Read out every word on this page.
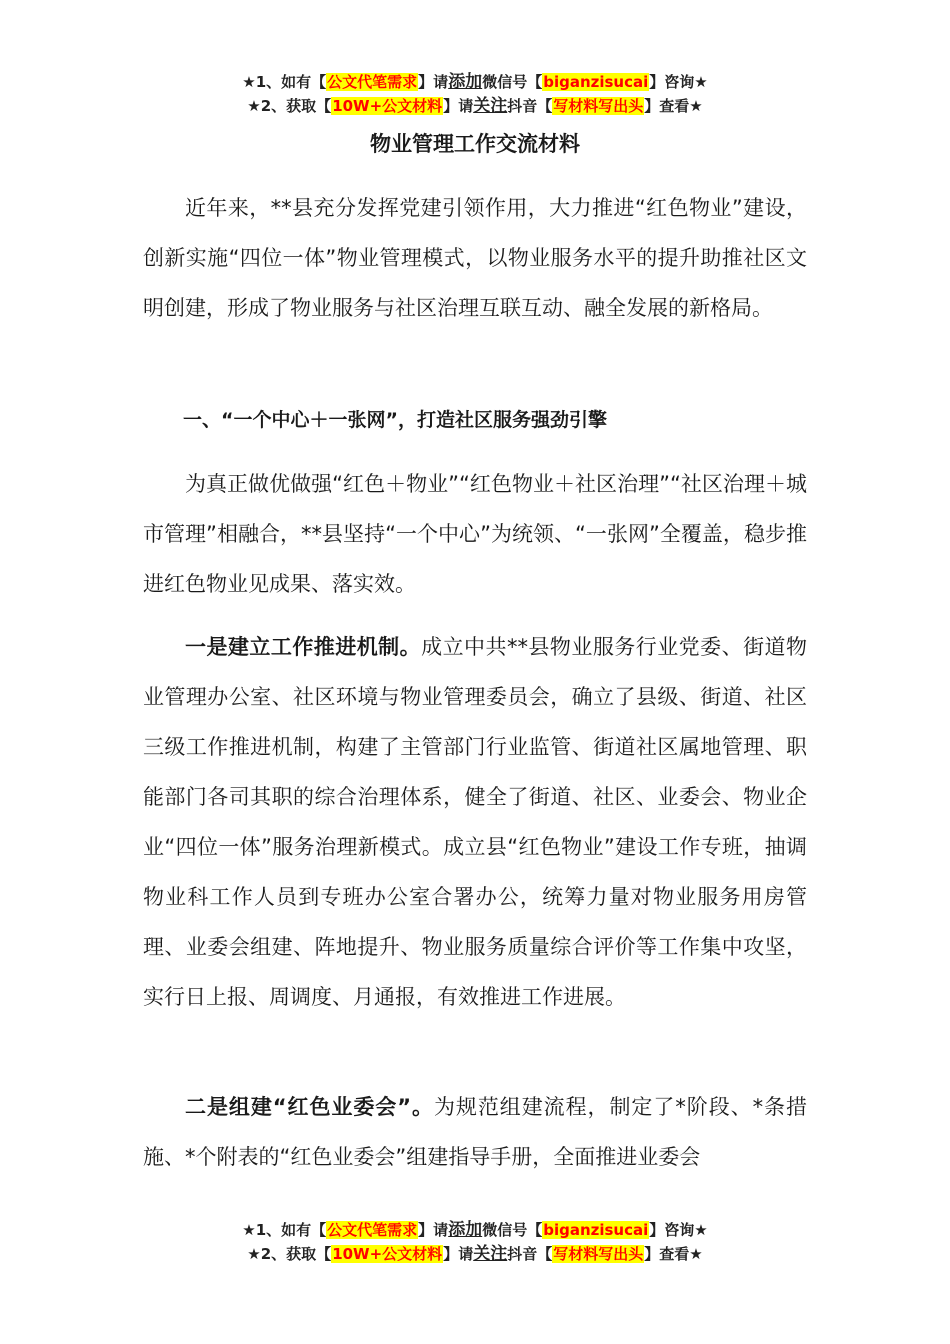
★1、如有【公文代笔需求】请添加微信号【biganzisucai】咨询★
★2、获取【10W+公文材料】请关注抖音【写材料写出头】查看★
物业管理工作交流材料

近年来，**县充分发挥党建引领作用，大力推进“红色物业”建设，创新实施“四位一体”物业管理模式，以物业服务水平的提升助推社区文明创建，形成了物业服务与社区治理互联互动、融全发展的新格局。

一、“一个中心＋一张网”，打造社区服务强劲引擎

为真正做优做强“红色＋物业”“红色物业＋社区治理”“社区治理＋城市管理”相融合，**县坚持“一个中心”为统领、“一张网”全覆盖，稳步推进红色物业见成果、落实效。

一是建立工作推进机制。成立中共**县物业服务行业党委、街道物业管理办公室、社区环境与物业管理委员会，确立了县级、街道、社区三级工作推进机制，构建了主管部门行业监管、街道社区属地管理、职能部门各司其职的综合治理体系，健全了街道、社区、业委会、物业企业“四位一体”服务治理新模式。成立县“红色物业”建设工作专班，抽调物业科工作人员到专班办公室合署办公，统筹力量对物业服务用房管理、业委会组建、阵地提升、物业服务质量综合评价等工作集中攻坚，实行日上报、周调度、月通报，有效推进工作进展。

二是组建“红色业委会”。为规范组建流程，制定了*阶段、*条措施、*个附表的“红色业委会”组建指导手册，全面推进业委会

★1、如有【公文代笔需求】请添加微信号【biganzisucai】咨询★
★2、获取【10W+公文材料】请关注抖音【写材料写出头】查看★
